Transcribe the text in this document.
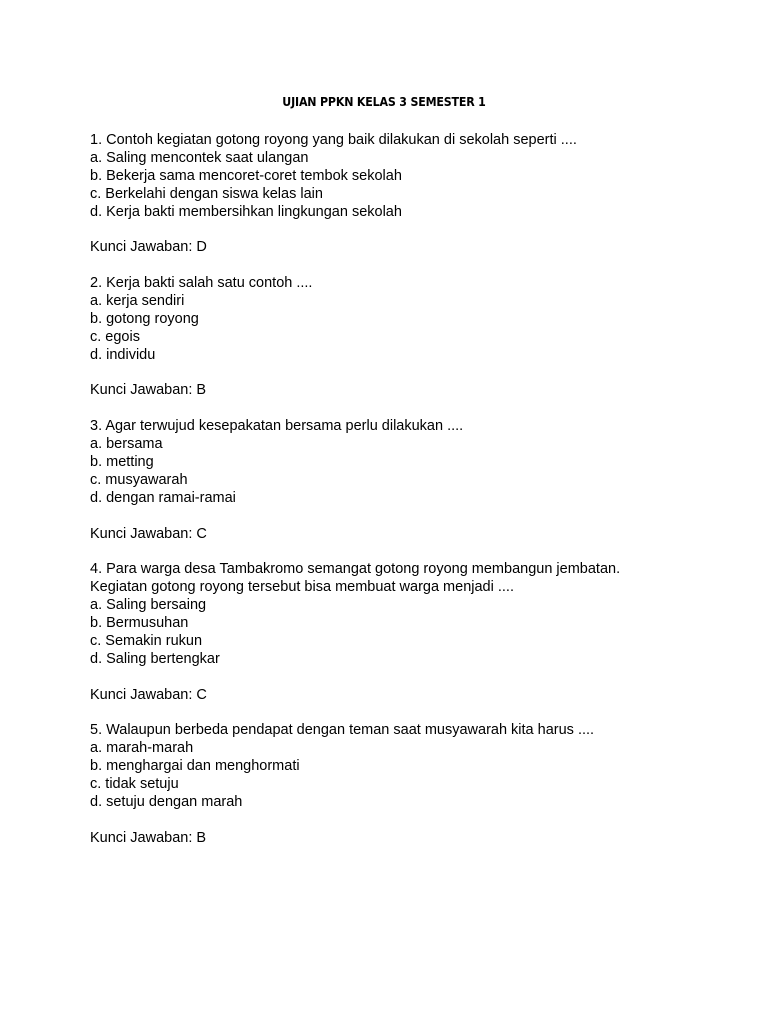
UJIAN PPKN KELAS 3 SEMESTER 1
1. Contoh kegiatan gotong royong yang baik dilakukan di sekolah seperti ....
a. Saling mencontek saat ulangan
b. Bekerja sama mencoret-coret tembok sekolah
c. Berkelahi dengan siswa kelas lain
d. Kerja bakti membersihkan lingkungan sekolah
Kunci Jawaban: D
2. Kerja bakti salah satu contoh ....
a. kerja sendiri
b. gotong royong
c. egois
d. individu
Kunci Jawaban: B
3. Agar terwujud kesepakatan bersama perlu dilakukan ....
a. bersama
b. metting
c. musyawarah
d. dengan ramai-ramai
Kunci Jawaban: C
4. Para warga desa Tambakromo semangat gotong royong membangun jembatan.
Kegiatan gotong royong tersebut bisa membuat warga menjadi ....
a. Saling bersaing
b. Bermusuhan
c. Semakin rukun
d. Saling bertengkar
Kunci Jawaban: C
5. Walaupun berbeda pendapat dengan teman saat musyawarah kita harus ....
a. marah-marah
b. menghargai dan menghormati
c. tidak setuju
d. setuju dengan marah
Kunci Jawaban: B
